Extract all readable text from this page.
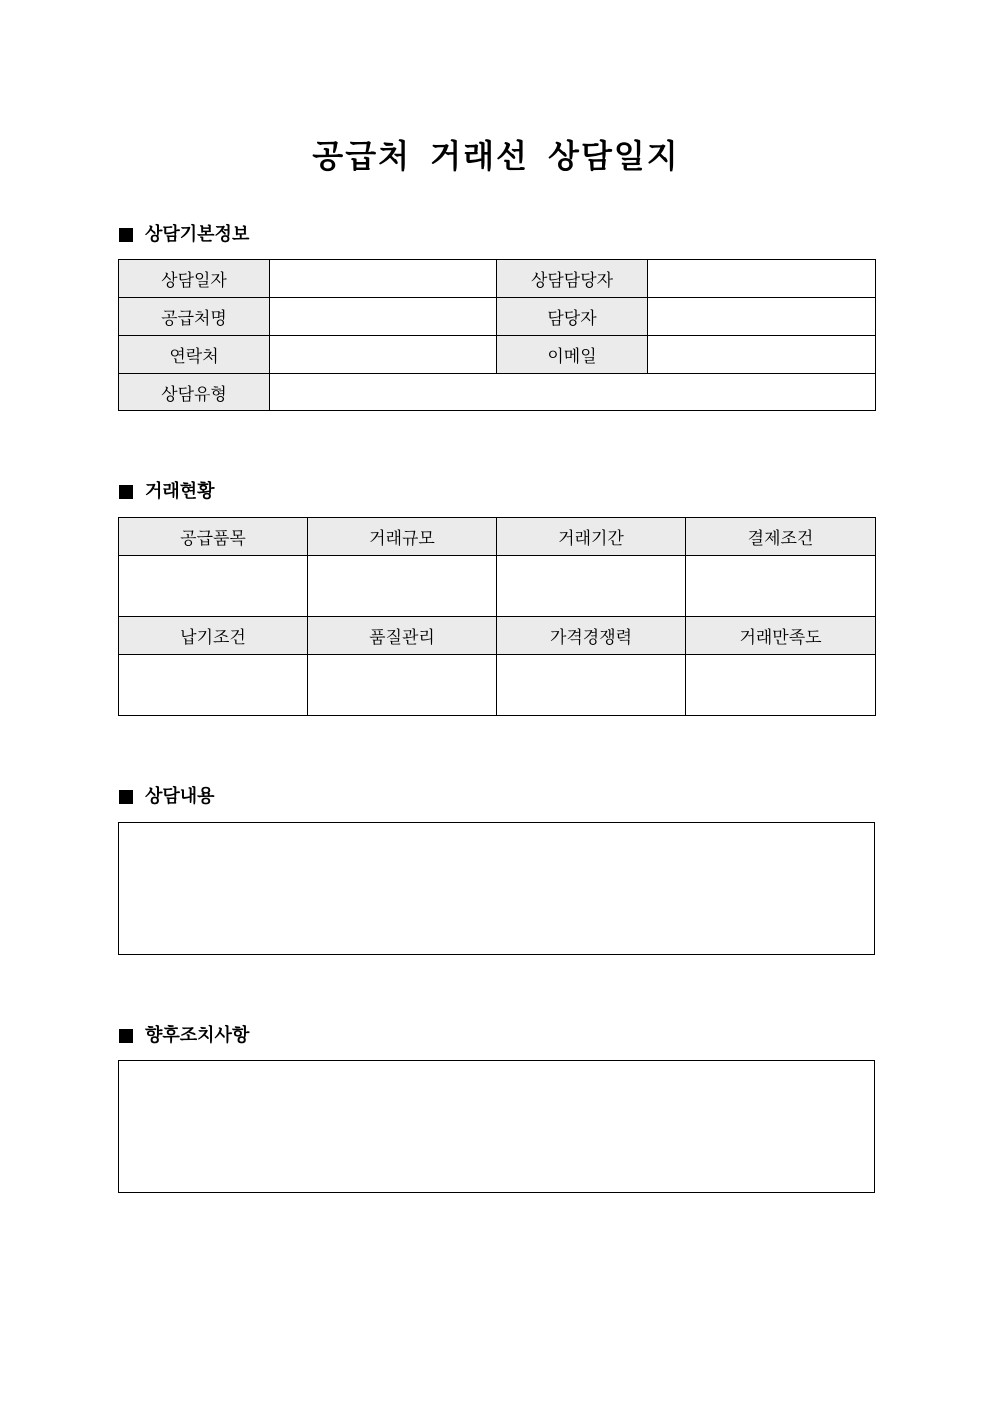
공급처 거래선 상담일지
상담기본정보
상담일자		상담담당자	
공급처명		담당자	
연락처		이메일	
상담유형			
거래현황
공급품목	거래규모	거래기간	결제조건

납기조건	품질관리	가격경쟁력	거래만족도

상담내용
향후조치사항
